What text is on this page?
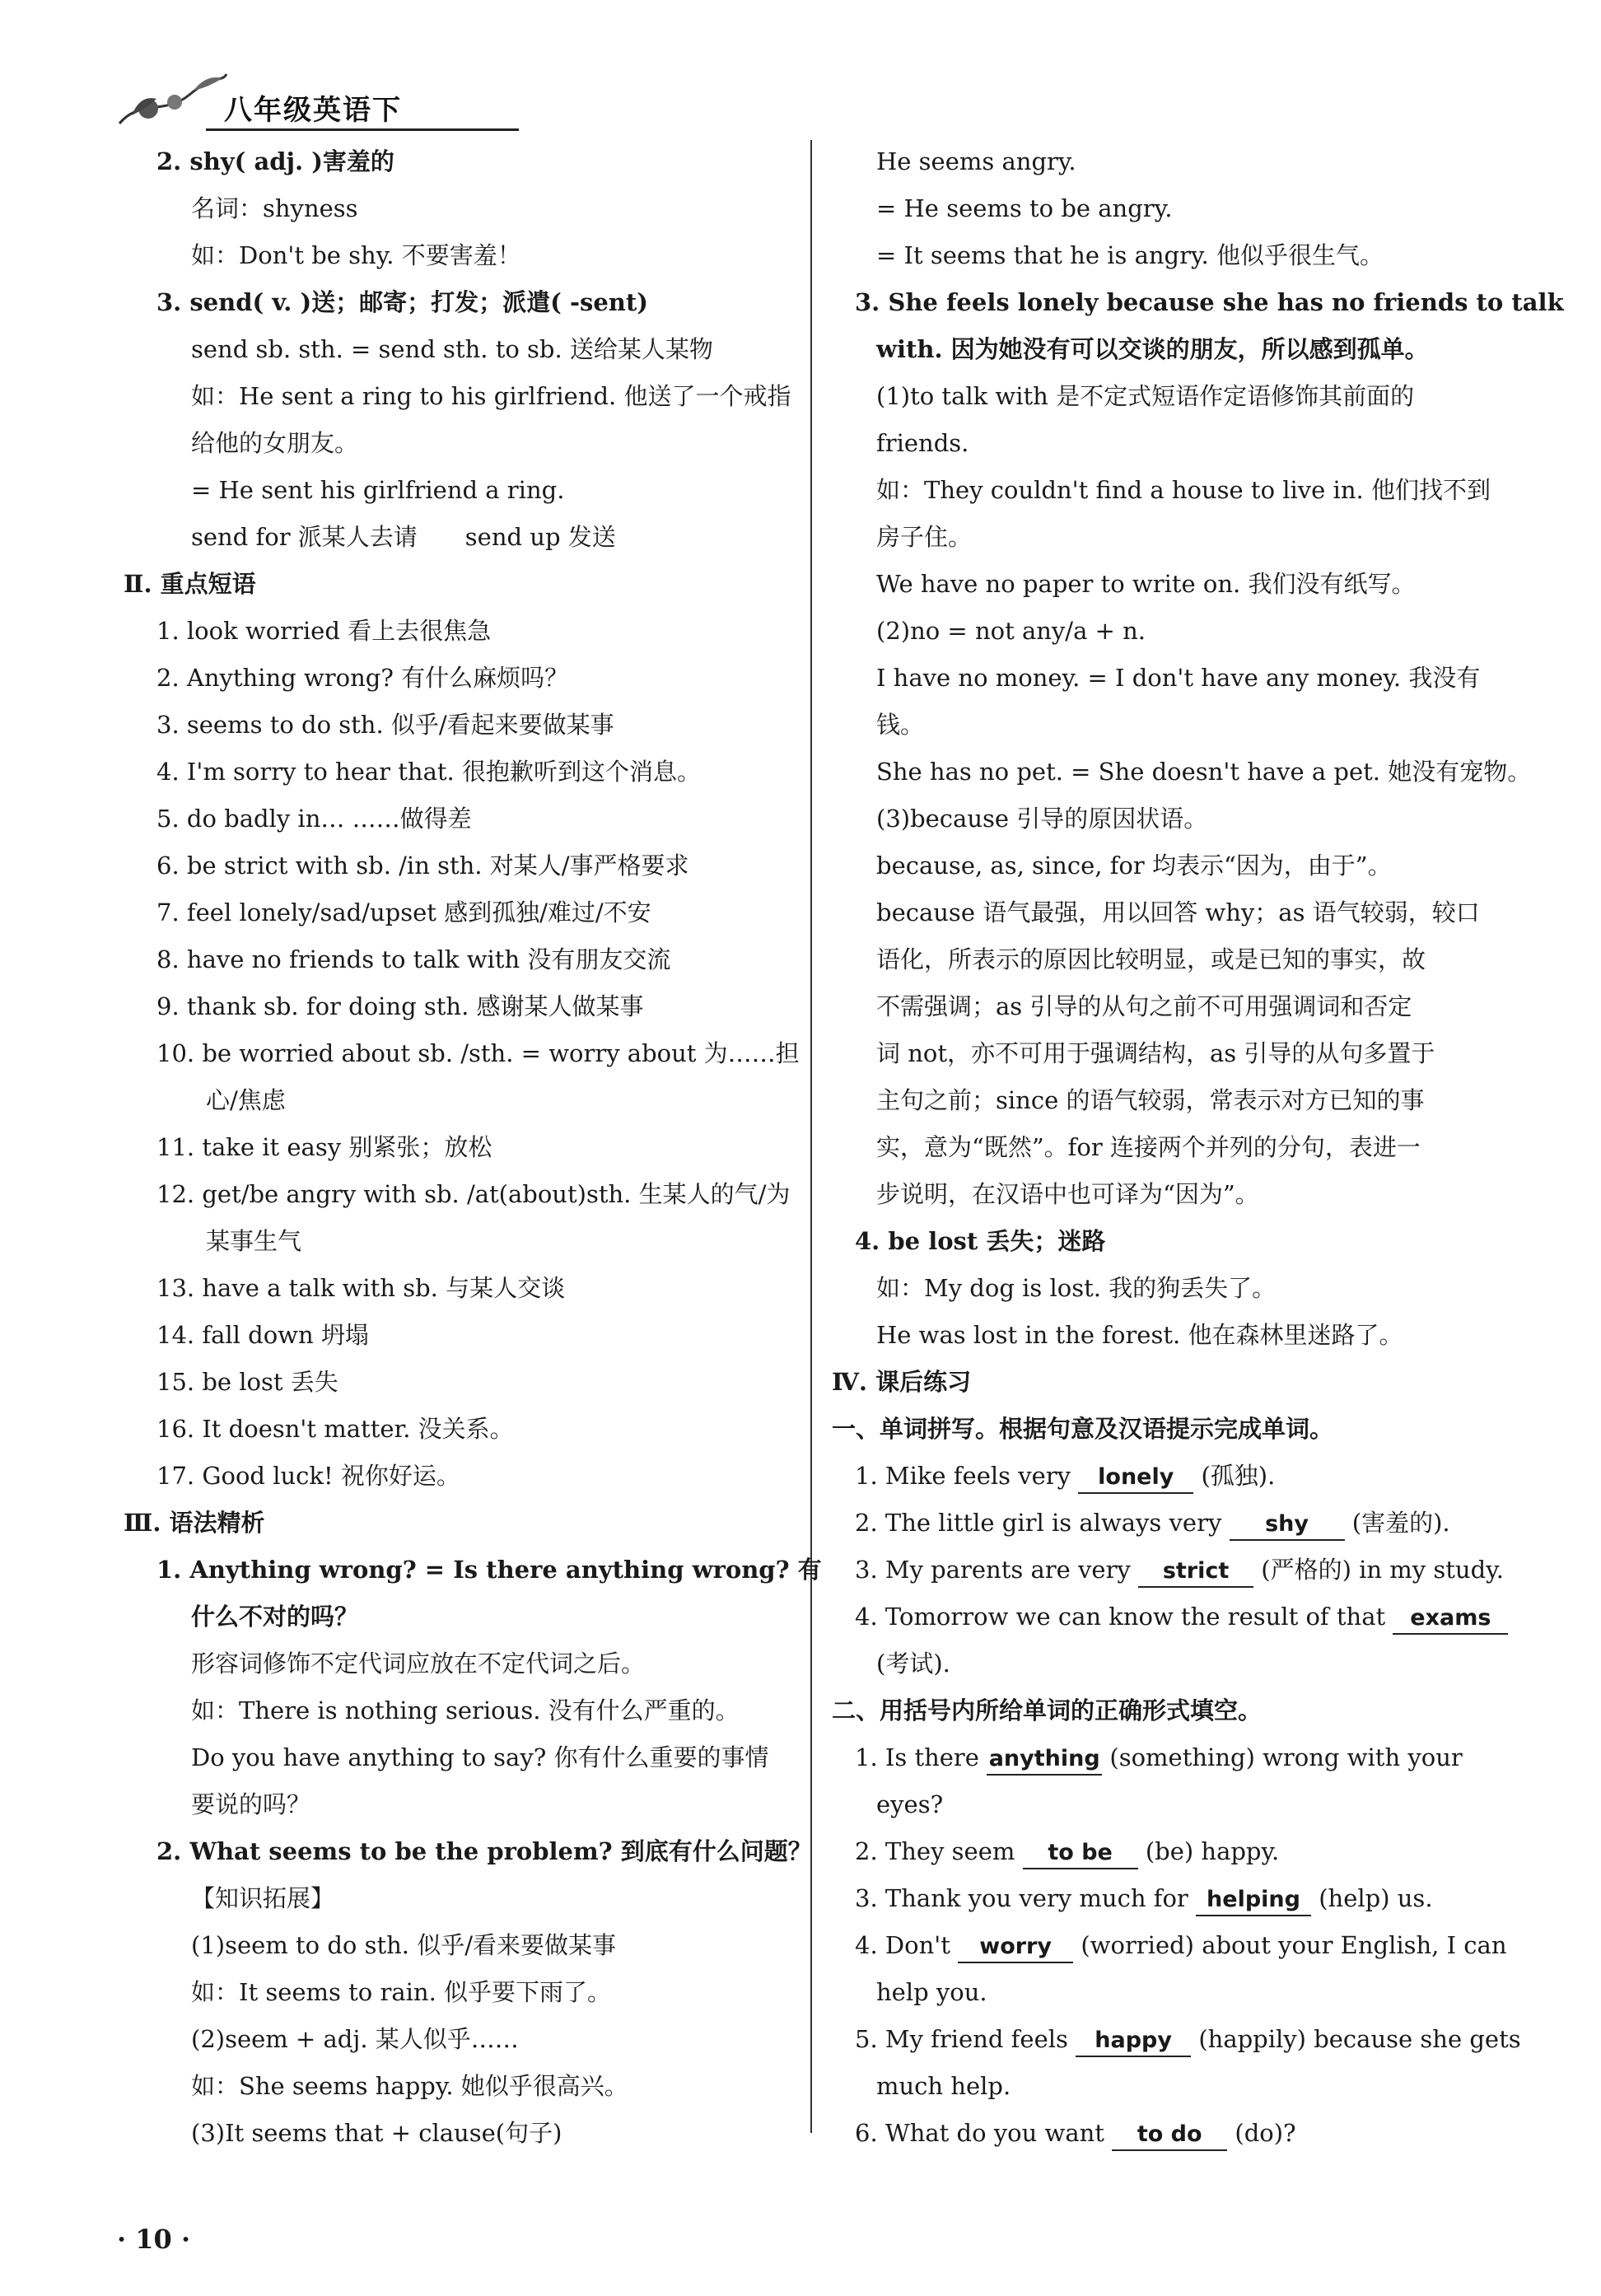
八年级英语下
2. shy( adj. )害羞的
名词：shyness
如：Don't be shy. 不要害羞！
3. send( v. )送；邮寄；打发；派遣( -sent)
send sb. sth. = send sth. to sb. 送给某人某物
如：He sent a ring to his girlfriend. 他送了一个戒指
给他的女朋友。
= He sent his girlfriend a ring.
send for 派某人去请　　send up 发送
Ⅱ. 重点短语
1. look worried 看上去很焦急
2. Anything wrong? 有什么麻烦吗？
3. seems to do sth. 似乎/看起来要做某事
4. I'm sorry to hear that. 很抱歉听到这个消息。
5. do badly in… ……做得差
6. be strict with sb. /in sth. 对某人/事严格要求
7. feel lonely/sad/upset 感到孤独/难过/不安
8. have no friends to talk with 没有朋友交流
9. thank sb. for doing sth. 感谢某人做某事
10. be worried about sb. /sth. = worry about 为……担
心/焦虑
11. take it easy 别紧张；放松
12. get/be angry with sb. /at(about)sth. 生某人的气/为
某事生气
13. have a talk with sb. 与某人交谈
14. fall down 坍塌
15. be lost 丢失
16. It doesn't matter. 没关系。
17. Good luck! 祝你好运。
Ⅲ. 语法精析
1. Anything wrong? = Is there anything wrong? 有
什么不对的吗？
形容词修饰不定代词应放在不定代词之后。
如：There is nothing serious. 没有什么严重的。
Do you have anything to say? 你有什么重要的事情
要说的吗？
2. What seems to be the problem? 到底有什么问题？
【知识拓展】
(1)seem to do sth. 似乎/看来要做某事
如：It seems to rain. 似乎要下雨了。
(2)seem + adj. 某人似乎……
如：She seems happy. 她似乎很高兴。
(3)It seems that + clause(句子)
He seems angry.
= He seems to be angry.
= It seems that he is angry. 他似乎很生气。
3. She feels lonely because she has no friends to talk
with. 因为她没有可以交谈的朋友，所以感到孤单。
(1)to talk with 是不定式短语作定语修饰其前面的
friends.
如：They couldn't find a house to live in. 他们找不到
房子住。
We have no paper to write on. 我们没有纸写。
(2)no = not any/a + n.
I have no money. = I don't have any money. 我没有
钱。
She has no pet. = She doesn't have a pet. 她没有宠物。
(3)because 引导的原因状语。
because, as, since, for 均表示“因为，由于”。
because 语气最强，用以回答 why；as 语气较弱，较口
语化，所表示的原因比较明显，或是已知的事实，故
不需强调；as 引导的从句之前不可用强调词和否定
词 not，亦不可用于强调结构，as 引导的从句多置于
主句之前；since 的语气较弱，常表示对方已知的事
实，意为“既然”。for 连接两个并列的分句，表进一
步说明，在汉语中也可译为“因为”。
4. be lost 丢失；迷路
如：My dog is lost. 我的狗丢失了。
He was lost in the forest. 他在森林里迷路了。
Ⅳ. 课后练习
一、单词拼写。根据句意及汉语提示完成单词。
1. Mike feels very lonely (孤独).
2. The little girl is always very shy (害羞的).
3. My parents are very strict (严格的) in my study.
4. Tomorrow we can know the result of that exams
(考试).
二、用括号内所给单词的正确形式填空。
1. Is there anything (something) wrong with your
eyes?
2. They seem to be (be) happy.
3. Thank you very much for helping (help) us.
4. Don't worry (worried) about your English, I can
help you.
5. My friend feels happy (happily) because she gets
much help.
6. What do you want to do (do)?
· 10 ·
